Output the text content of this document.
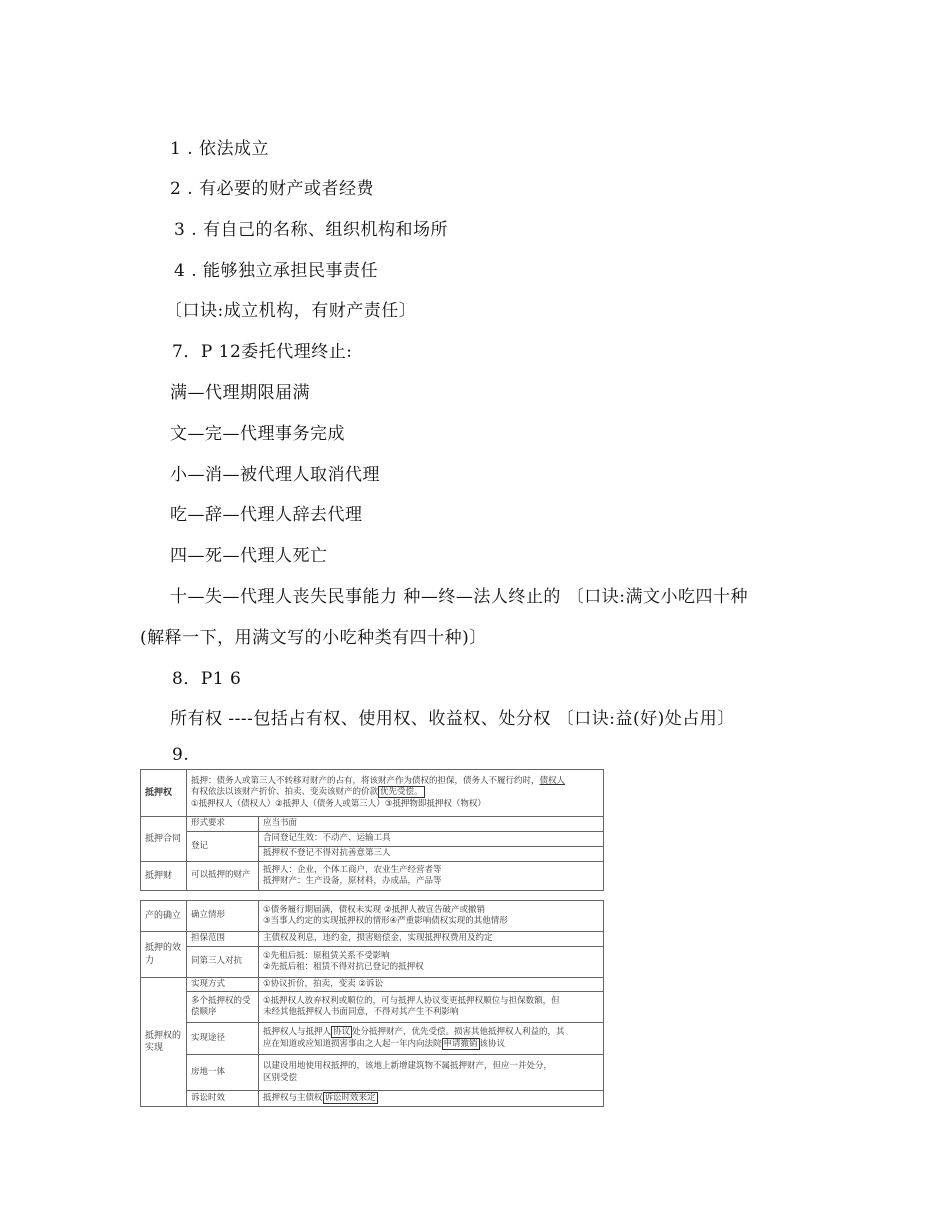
1 . 依法成立
2 . 有必要的财产或者经费
3 . 有自己的名称、组织机构和场所
4 . 能够独立承担民事责任
〔口诀:成立机构，有财产责任〕
7．P 12委托代理终止:
满—代理期限届满
文—完—代理事务完成
小—消—被代理人取消代理
吃—辞—代理人辞去代理
四—死—代理人死亡
十—失—代理人丧失民事能力 种—终—法人终止的 〔口诀:满文小吃四十种
(解释一下，用满文写的小吃种类有四十种)〕
8．P1 6
所有权 ----包括占有权、使用权、收益权、处分权 〔口诀:益(好)处占用〕
9.
抵押权	抵押：债务人或第三人不转移对财产的占有，将该财产作为债权的担保，债务人不履行约时，债权人
有权依法以该财产折价、拍卖、变卖该财产的价款 优先受偿。
①抵押权人（债权人）②抵押人（债务人或第三人）③抵押物即抵押权（物权）	
抵押合同	形式要求	应当书面
	登记	合同登记生效：不动产、运输工具
		抵押权不登记不得对抗善意第三人
抵押财	可以抵押的财产	抵押人：企业，个体工商户，农业生产经营者等
抵押财产：生产设备，原材料，办成品，产品等
产的确立	确立情形	①债务履行期届满，债权未实现 ②抵押人被宣告破产或撤销
③当事人约定的实现抵押权的情形④严重影响债权实现的其他情形
抵押的效力	担保范围	主债权及利息，违约金，损害赔偿金，实现抵押权费用及约定
	同第三人对抗	①先租后抵：原租赁关系不受影响
②先抵后租：租赁不得对抗已登记的抵押权
抵押权的实现	实现方式	①协议折价，拍卖，变卖 ②诉讼
	多个抵押权的受偿顺序	①抵押权人放弃权利或顺位的，可与抵押人协议变更抵押权顺位与担保数额，但
未经其他抵押权人书面同意，不得对其产生不利影响
	实现途径	抵押权人与抵押人 协议 处分抵押财产，优先受偿。损害其他抵押权人利益的，其
应在知道或应知道损害事由之人起一年内向法院 申请撤销 该协议
	房地一体	以建设用地使用权抵押的，该地上新增建筑物不属抵押财产，但应一并处分，
区别受偿
	诉讼时效	抵押权与主债权 诉讼时效来定
